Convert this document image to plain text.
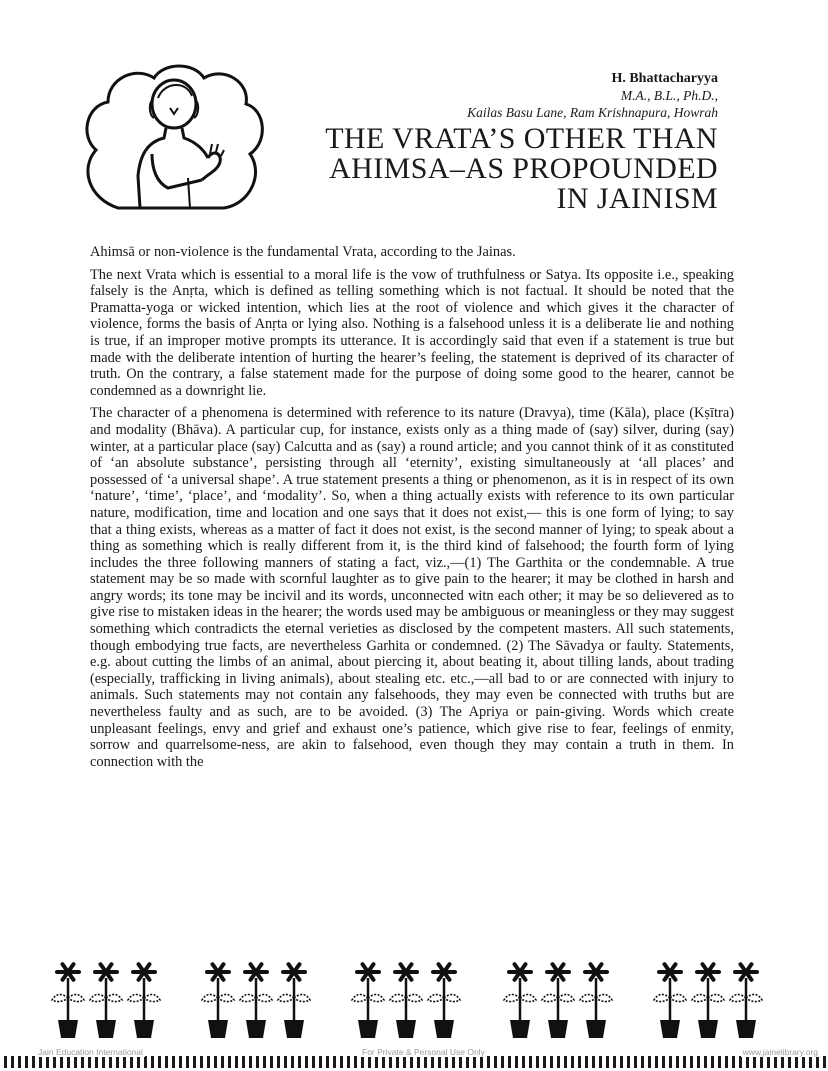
H. Bhattacharyya
M.A., B.L., Ph.D.,
Kailas Basu Lane, Ram Krishnapura, Howrah
THE VRATA’S OTHER THAN
AHIMSA–AS PROPOUNDED
IN JAINISM

Ahimsā or non-violence is the fundamental Vrata, according to the Jainas.

The next Vrata which is essential to a moral life is the vow of truthfulness or Satya. Its opposite i.e., speaking falsely is the Anṛta, which is defined as telling something which is not factual. It should be noted that the Pramatta-yoga or wicked intention, which lies at the root of violence and which gives it the character of violence, forms the basis of Anṛta or lying also. Nothing is a falsehood unless it is a deliberate lie and nothing is true, if an improper motive prompts its utterance. It is accordingly said that even if a statement is true but made with the deliberate intention of hurting the hearer’s feeling, the statement is deprived of its character of truth. On the contrary, a false statement made for the purpose of doing some good to the hearer, cannot be condemned as a downright lie.

The character of a phenomena is determined with reference to its nature (Dravya), time (Kāla), place (Kṣītra) and modality (Bhāva). A particular cup, for instance, exists only as a thing made of (say) silver, during (say) winter, at a particular place (say) Calcutta and as (say) a round article; and you cannot think of it as constituted of ‘an absolute substance’, persisting through all ‘eternity’, existing simultaneously at ‘all places’ and possessed of ‘a universal shape’. A true statement presents a thing or phenomenon, as it is in respect of its own ‘nature’, ‘time’, ‘place’, and ‘modality’. So, when a thing actually exists with reference to its own particular nature, modification, time and location and one says that it does not exist,— this is one form of lying; to say that a thing exists, whereas as a matter of fact it does not exist, is the second manner of lying; to speak about a thing as something which is really different from it, is the third kind of falsehood; the fourth form of lying includes the three following manners of stating a fact, viz.,—(1) The Garthita or the condemnable. A true statement may be so made with scornful laughter as to give pain to the hearer; it may be clothed in harsh and angry words; its tone may be incivil and its words, unconnected witn each other; it may be so delievered as to give rise to mistaken ideas in the hearer; the words used may be ambiguous or meaningless or they may suggest something which contradicts the eternal verieties as disclosed by the competent masters. All such statements, though embodying true facts, are nevertheless Garhita or condemned. (2) The Sāvadya or faulty. Statements, e.g. about cutting the limbs of an animal, about piercing it, about beating it, about tilling lands, about trading (especially, trafficking in living animals), about stealing etc. etc.,—all bad to or are connected with injury to animals. Such statements may not contain any falsehoods, they may even be connected with truths but are nevertheless faulty and as such, are to be avoided. (3) The Apriya or pain-giving. Words which create unpleasant feelings, envy and grief and exhaust one’s patience, which give rise to fear, feelings of enmity, sorrow and quarrelsome-ness, are akin to falsehood, even though they may contain a truth in them. In connection with the

Jain Education International	For Private & Personal Use Only	www.jainelibrary.org
